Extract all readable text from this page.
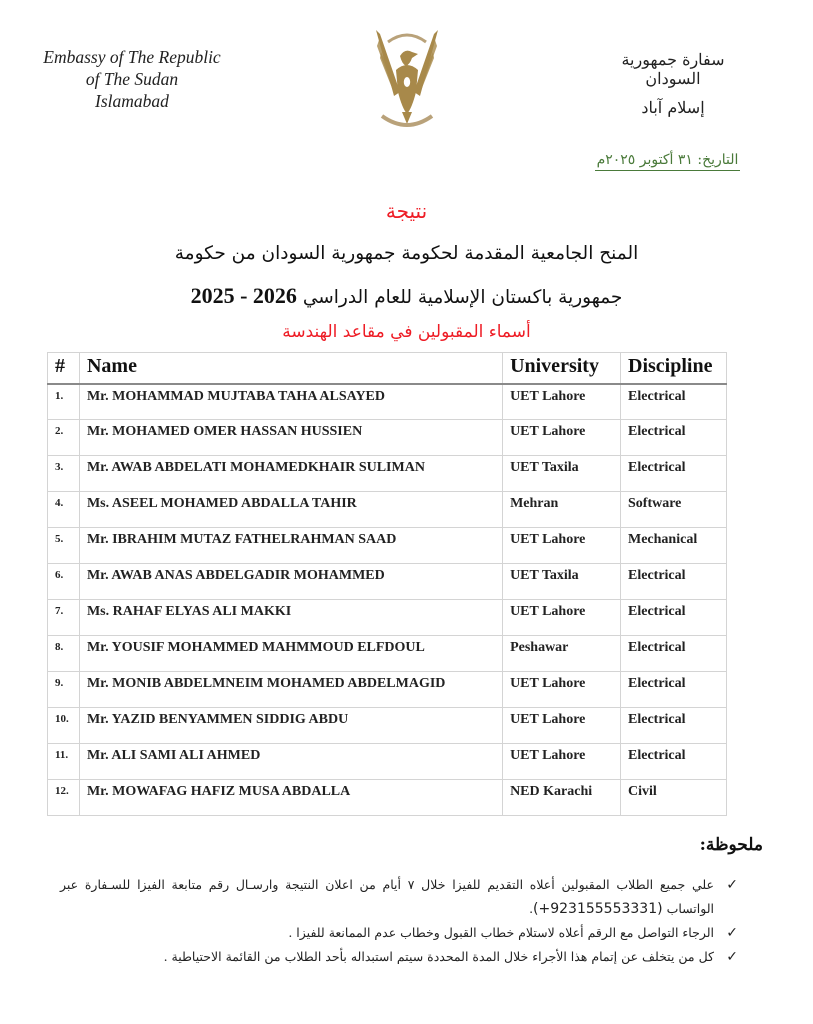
Embassy of The Republic
of The Sudan
Islamabad
سفارة جمهورية السودان
إسلام آباد
التاريخ: ٣١ أكتوبر ٢٠٢٥م
نتيجة
المنح الجامعية المقدمة لحكومة جمهورية السودان من حكومة
جمهورية باكستان الإسلامية للعام الدراسي 2025 - 2026
أسماء المقبولين في مقاعد الهندسة
#	Name	University	Discipline
1.	Mr. MOHAMMAD MUJTABA TAHA ALSAYED	UET Lahore	Electrical
2.	Mr. MOHAMED OMER HASSAN HUSSIEN	UET Lahore	Electrical
3.	Mr. AWAB ABDELATI MOHAMEDKHAIR SULIMAN	UET Taxila	Electrical
4.	Ms. ASEEL MOHAMED ABDALLA TAHIR	Mehran	Software
5.	Mr. IBRAHIM MUTAZ FATHELRAHMAN SAAD	UET Lahore	Mechanical
6.	Mr. AWAB ANAS ABDELGADIR MOHAMMED	UET Taxila	Electrical
7.	Ms. RAHAF ELYAS ALI MAKKI	UET Lahore	Electrical
8.	Mr. YOUSIF MOHAMMED MAHMMOUD ELFDOUL	Peshawar	Electrical
9.	Mr. MONIB ABDELMNEIM MOHAMED ABDELMAGID	UET Lahore	Electrical
10.	Mr. YAZID BENYAMMEN SIDDIG ABDU	UET Lahore	Electrical
11.	Mr. ALI SAMI ALI AHMED	UET Lahore	Electrical
12.	Mr. MOWAFAG HAFIZ MUSA ABDALLA	NED Karachi	Civil
ملحوظة:
✓
علي جميع الطلاب المقبولين أعلاه التقديم للفيزا خلال ٧ أيام من اعلان النتيجة وارسـال رقم متابعة الفيزا للسـفارة عبر الواتساب (+923155553331).
✓
الرجاء التواصل مع الرقم أعلاه لاستلام خطاب القبول وخطاب عدم الممانعة للفيزا .
✓
كل من يتخلف عن إتمام هذا الأجراء خلال المدة المحددة سيتم استبداله بأحد الطلاب من القائمة الاحتياطية .
